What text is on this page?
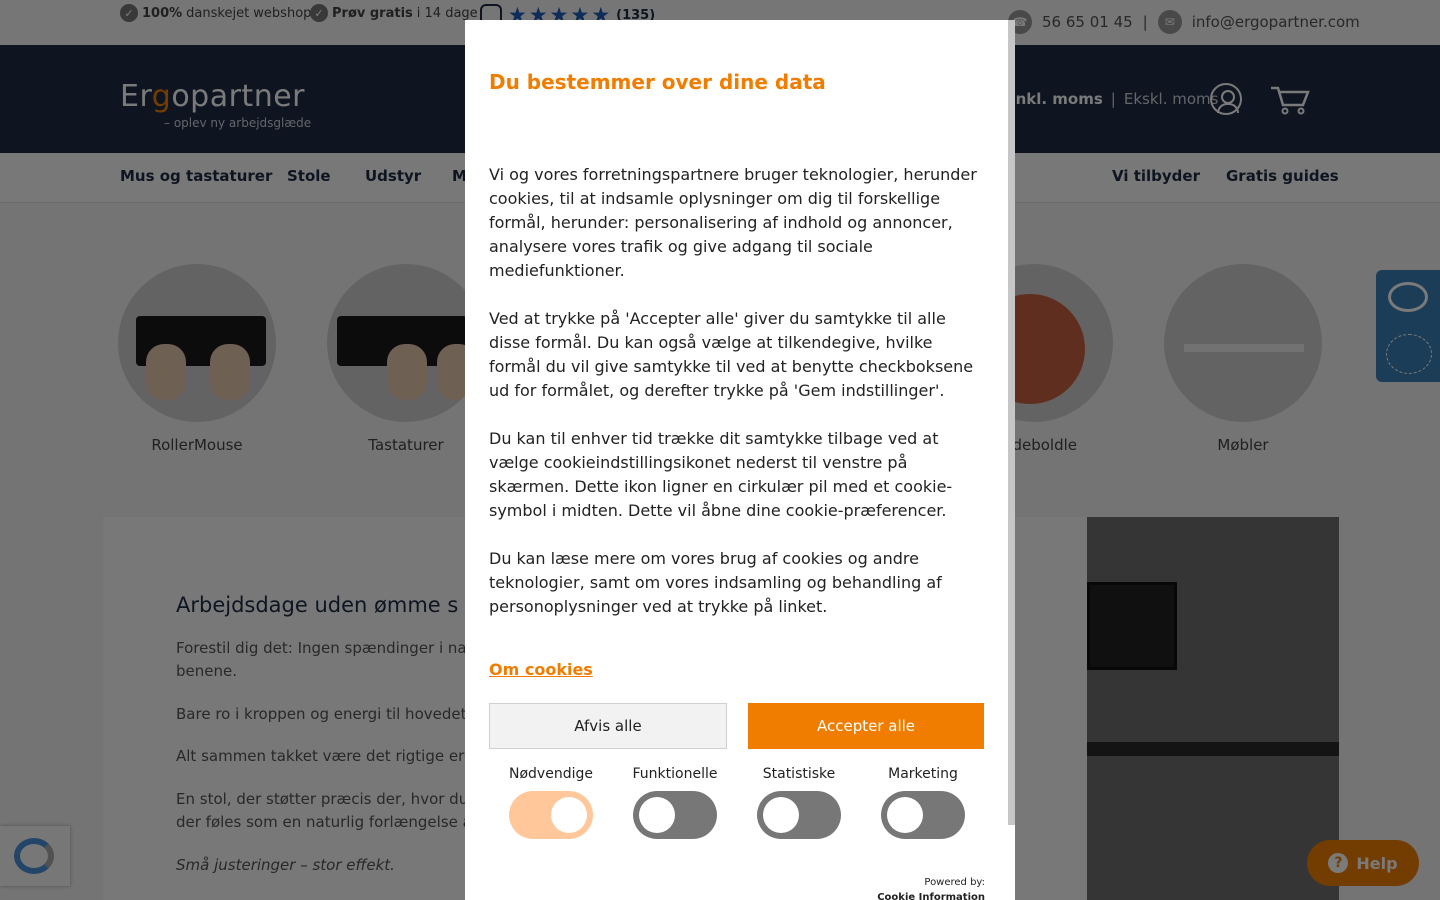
Du bestemmer over dine data

Vi og vores forretningspartnere bruger teknologier, herunder cookies, til at indsamle oplysninger om dig til forskellige formål, herunder: personalisering af indhold og annoncer, analysere vores trafik og give adgang til sociale mediefunktioner.

Ved at trykke på 'Accepter alle' giver du samtykke til alle disse formål. Du kan også vælge at tilkendegive, hvilke formål du vil give samtykke til ved at benytte checkboksene ud for formålet, og derefter trykke på 'Gem indstillinger'.

Du kan til enhver tid trække dit samtykke tilbage ved at vælge cookieindstillingsikonet nederst til venstre på skærmen. Dette ikon ligner en cirkulær pil med et cookie-symbol i midten. Dette vil åbne dine cookie-præferencer.

Du kan læse mere om vores brug af cookies og andre teknologier, samt om vores indsamling og behandling af personoplysninger ved at trykke på linket.

Om cookies
Afvis alle	Accepter alle
Nødvendige	Funktionelle	Statistiske	Marketing
Powered by:
Cookie Information
